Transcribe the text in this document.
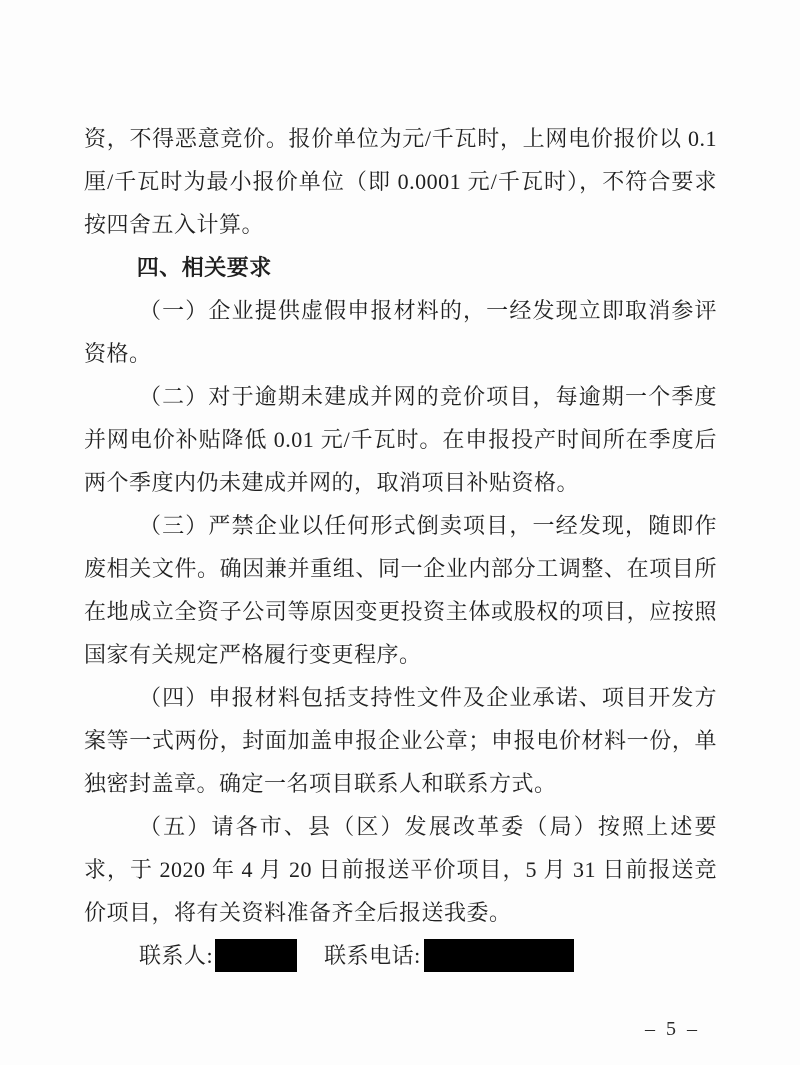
资，不得恶意竞价。报价单位为元/千瓦时，上网电价报价以 0.1 厘/千瓦时为最小报价单位（即 0.0001 元/千瓦时），不符合要求按四舍五入计算。

四、相关要求

（一）企业提供虚假申报材料的，一经发现立即取消参评资格。

（二）对于逾期未建成并网的竞价项目，每逾期一个季度并网电价补贴降低 0.01 元/千瓦时。在申报投产时间所在季度后两个季度内仍未建成并网的，取消项目补贴资格。

（三）严禁企业以任何形式倒卖项目，一经发现，随即作废相关文件。确因兼并重组、同一企业内部分工调整、在项目所在地成立全资子公司等原因变更投资主体或股权的项目，应按照国家有关规定严格履行变更程序。

（四）申报材料包括支持性文件及企业承诺、项目开发方案等一式两份，封面加盖申报企业公章；申报电价材料一份，单独密封盖章。确定一名项目联系人和联系方式。

（五）请各市、县（区）发展改革委（局）按照上述要求，于 2020 年 4 月 20 日前报送平价项目，5 月 31 日前报送竞价项目，将有关资料准备齐全后报送我委。

联系人:	联系电话:

– 5 –
